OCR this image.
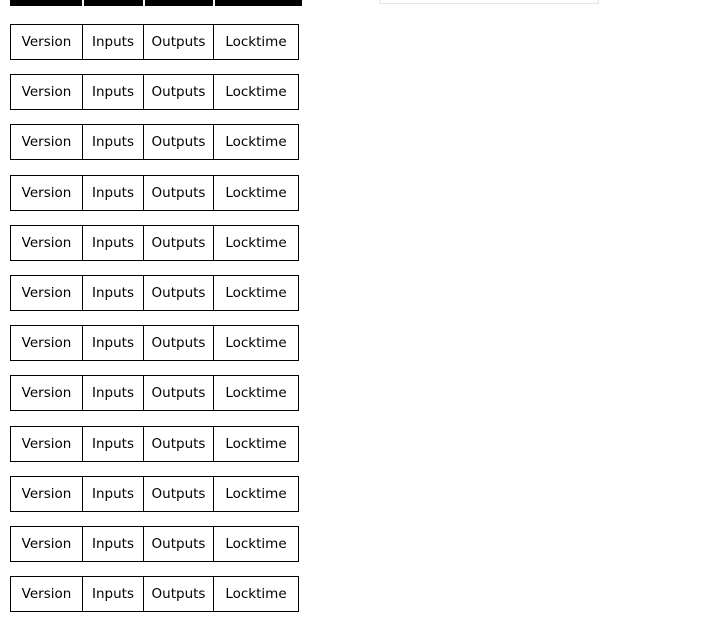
Version	Inputs	Outputs	Locktime
Version	Inputs	Outputs	Locktime
Version	Inputs	Outputs	Locktime
Version	Inputs	Outputs	Locktime
Version	Inputs	Outputs	Locktime
Version	Inputs	Outputs	Locktime
Version	Inputs	Outputs	Locktime
Version	Inputs	Outputs	Locktime
Version	Inputs	Outputs	Locktime
Version	Inputs	Outputs	Locktime
Version	Inputs	Outputs	Locktime
Version	Inputs	Outputs	Locktime
